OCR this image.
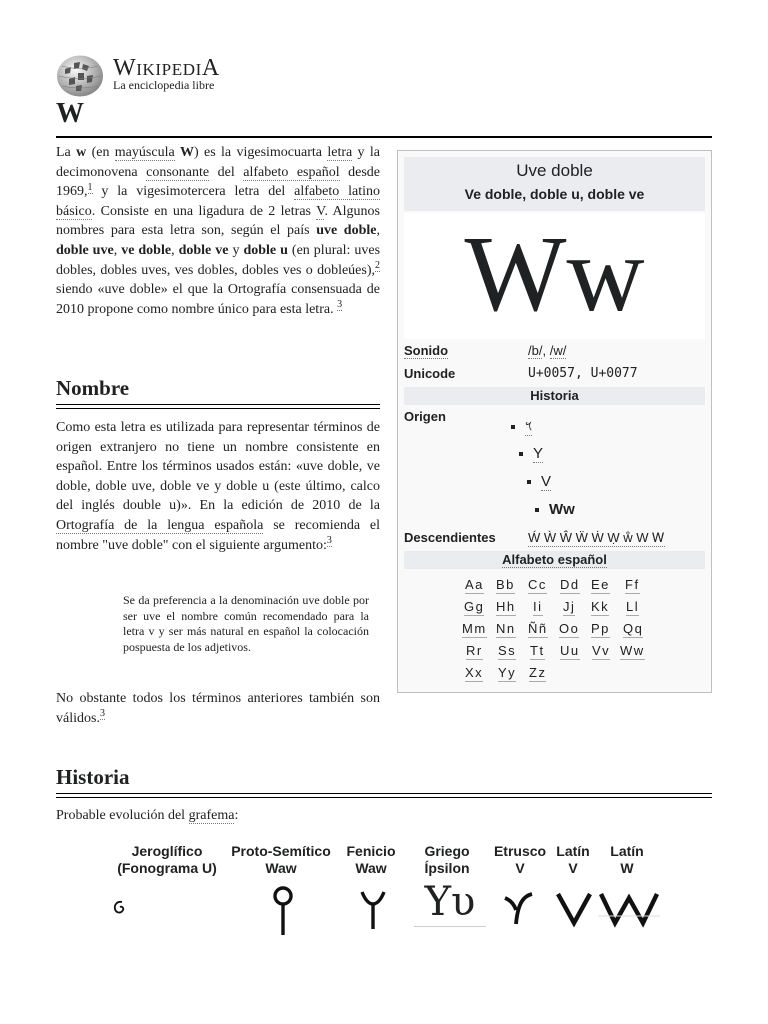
WIKIPEDIA
La enciclopedia libre
W

La w (en mayúscula W) es la vigesimocuarta letra y la decimonovena consonante del alfabeto español desde 1969,$^1$ y la vigesimotercera letra del alfabeto latino básico. Consiste en una ligadura de 2 letras V. Algunos nombres para esta letra son, según el país uve doble, doble uve, ve doble, doble ve y doble u (en plural: uves dobles, dobles uves, ves dobles, dobles ves o dobleúes),$^2$ siendo «uve doble» el que la Ortografía consensuada de 2010 propone como nombre único para esta letra. $^3$

Nombre

Como esta letra es utilizada para representar términos de origen extranjero no tiene un nombre consistente en español. Entre los términos usados están: «uve doble, ve doble, doble uve, doble ve y doble u (este último, calco del inglés double u)». En la edición de 2010 de la Ortografía de la lengua española se recomienda el nombre "uve doble" con el siguiente argumento:$^3$

Se da preferencia a la denominación uve doble por ser uve el nombre común recomendado para la letra v y ser más natural en español la colocación pospuesta de los adjetivos.

No obstante todos los términos anteriores también son válidos.$^3$

Historia

Probable evolución del grafema:

Jeroglífico
(Fonograma U)
Proto-Semítico
Waw
Fenicio
Waw
Griego
Ípsilon
Etrusco
V
Latín
V
Latín
W
Υυ
Uve doble
Ve doble, doble u, doble ve
Ww
Sonido	/b/, /w/
Unicode	U+0057, U+0077
Historia
Origen
𐤅
Y
V
Ww
Descendientes Ẃ Ẁ Ŵ Ẅ Ẇ Ẉ ẘ W Ꮃ
Alfabeto español
Aa Bb Cc Dd Ee Ff
Gg Hh Ii Jj Kk Ll
Mm Nn Ññ Oo Pp Qq
Rr Ss Tt Uu Vv Ww
Xx Yy Zz
